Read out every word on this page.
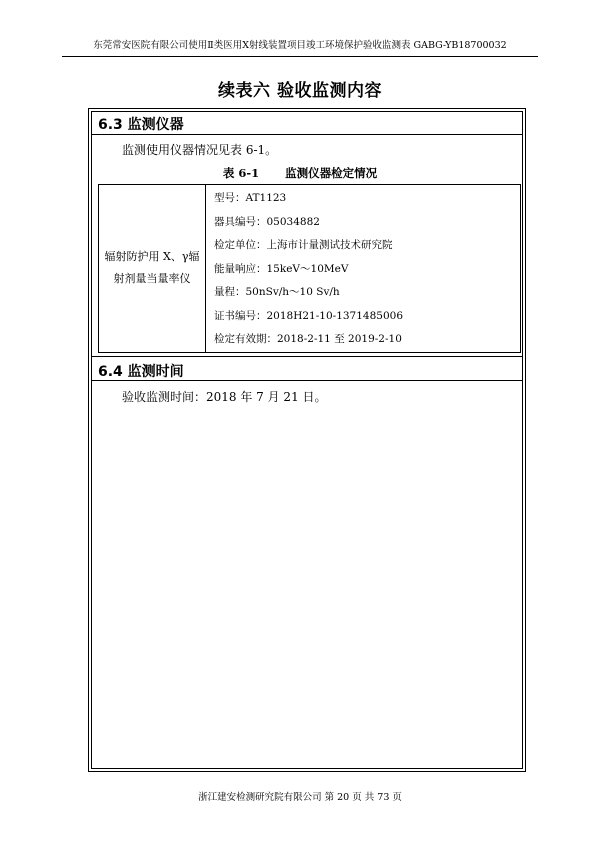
东莞常安医院有限公司使用Ⅱ类医用X射线装置项目竣工环境保护验收监测表 GABG-YB18700032
续表六 验收监测内容
6.3 监测仪器
监测使用仪器情况见表 6-1。
表 6-1 监测仪器检定情况
辐射防护用 X、γ辐
射剂量当量率仪

型号：AT1123
器具编号：05034882
检定单位：上海市计量测试技术研究院
能量响应：15keV～10MeV
量程：50nSv/h～10 Sv/h
证书编号：2018H21-10-1371485006
检定有效期：2018-2-11 至 2019-2-10
6.4 监测时间
验收监测时间：2018 年 7 月 21 日。
浙江建安检测研究院有限公司 第 20 页 共 73 页
